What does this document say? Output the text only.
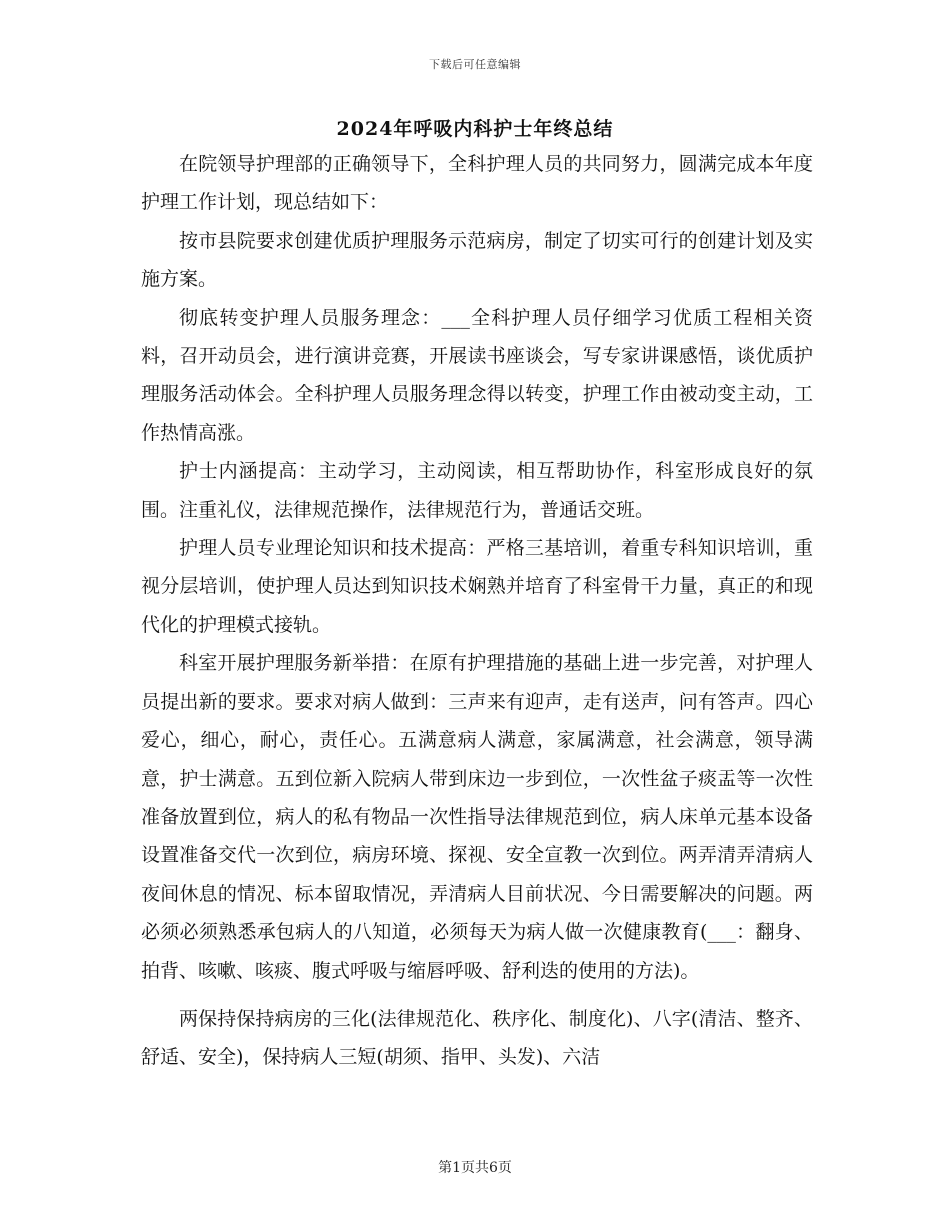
下载后可任意编辑
2024年呼吸内科护士年终总结

在院领导护理部的正确领导下，全科护理人员的共同努力，圆满完成本年度护理工作计划，现总结如下：

按市县院要求创建优质护理服务示范病房，制定了切实可行的创建计划及实施方案。

彻底转变护理人员服务理念：___全科护理人员仔细学习优质工程相关资料，召开动员会，进行演讲竞赛，开展读书座谈会，写专家讲课感悟，谈优质护理服务活动体会。全科护理人员服务理念得以转变，护理工作由被动变主动，工作热情高涨。

护士内涵提高：主动学习，主动阅读，相互帮助协作，科室形成良好的氛围。注重礼仪，法律规范操作，法律规范行为，普通话交班。

护理人员专业理论知识和技术提高：严格三基培训，着重专科知识培训，重视分层培训，使护理人员达到知识技术娴熟并培育了科室骨干力量，真正的和现代化的护理模式接轨。

科室开展护理服务新举措：在原有护理措施的基础上进一步完善，对护理人员提出新的要求。要求对病人做到：三声来有迎声，走有送声，问有答声。四心爱心，细心，耐心，责任心。五满意病人满意，家属满意，社会满意，领导满意，护士满意。五到位新入院病人带到床边一步到位，一次性盆子痰盂等一次性准备放置到位，病人的私有物品一次性指导法律规范到位，病人床单元基本设备设置准备交代一次到位，病房环境、探视、安全宣教一次到位。两弄清弄清病人夜间休息的情况、标本留取情况，弄清病人目前状况、今日需要解决的问题。两必须必须熟悉承包病人的八知道，必须每天为病人做一次健康教育(___：翻身、拍背、咳嗽、咳痰、腹式呼吸与缩唇呼吸、舒利迭的使用的方法)。

两保持保持病房的三化(法律规范化、秩序化、制度化)、八字(清洁、整齐、舒适、安全)，保持病人三短(胡须、指甲、头发)、六洁

第1页共6页
